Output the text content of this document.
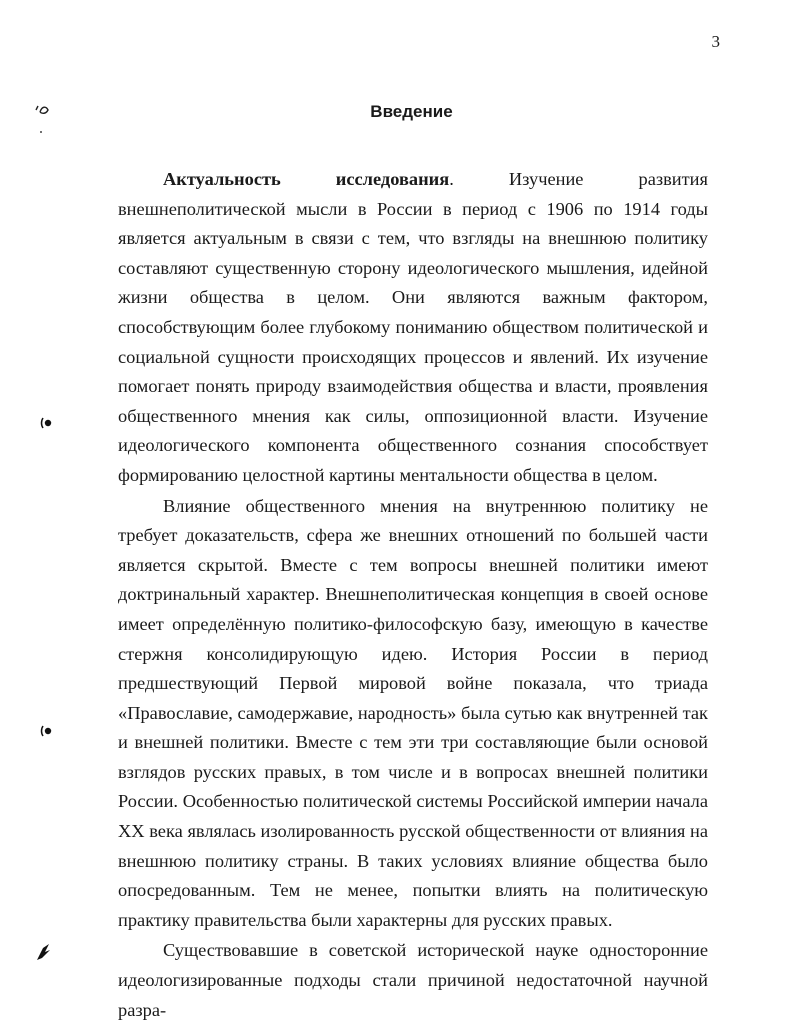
3
Введение

Актуальность исследования. Изучение развития внешнеполитической мысли в России в период с 1906 по 1914 годы является актуальным в связи с тем, что взгляды на внешнюю политику составляют существенную сторону идеологического мышления, идейной жизни общества в целом. Они являются важным фактором, способствующим более глубокому пониманию обществом политической и социальной сущности происходящих процессов и явлений. Их изучение помогает понять природу взаимодействия общества и власти, проявления общественного мнения как силы, оппозиционной власти. Изучение идеологического компонента общественного сознания способствует формированию целостной картины ментальности общества в целом.

Влияние общественного мнения на внутреннюю политику не требует доказательств, сфера же внешних отношений по большей части является скрытой. Вместе с тем вопросы внешней политики имеют доктринальный характер. Внешнеполитическая концепция в своей основе имеет определённую политико-философскую базу, имеющую в качестве стержня консолидирующую идею. История России в период предшествующий Первой мировой войне показала, что триада «Православие, самодержавие, народность» была сутью как внутренней так и внешней политики. Вместе с тем эти три составляющие были основой взглядов русских правых, в том числе и в вопросах внешней политики России. Особенностью политической системы Российской империи начала XX века являлась изолированность русской общественности от влияния на внешнюю политику страны. В таких условиях влияние общества было опосредованным. Тем не менее, попытки влиять на политическую практику правительства были характерны для русских правых.

Существовавшие в советской исторической науке односторонние идеологизированные подходы стали причиной недостаточной научной разра-
